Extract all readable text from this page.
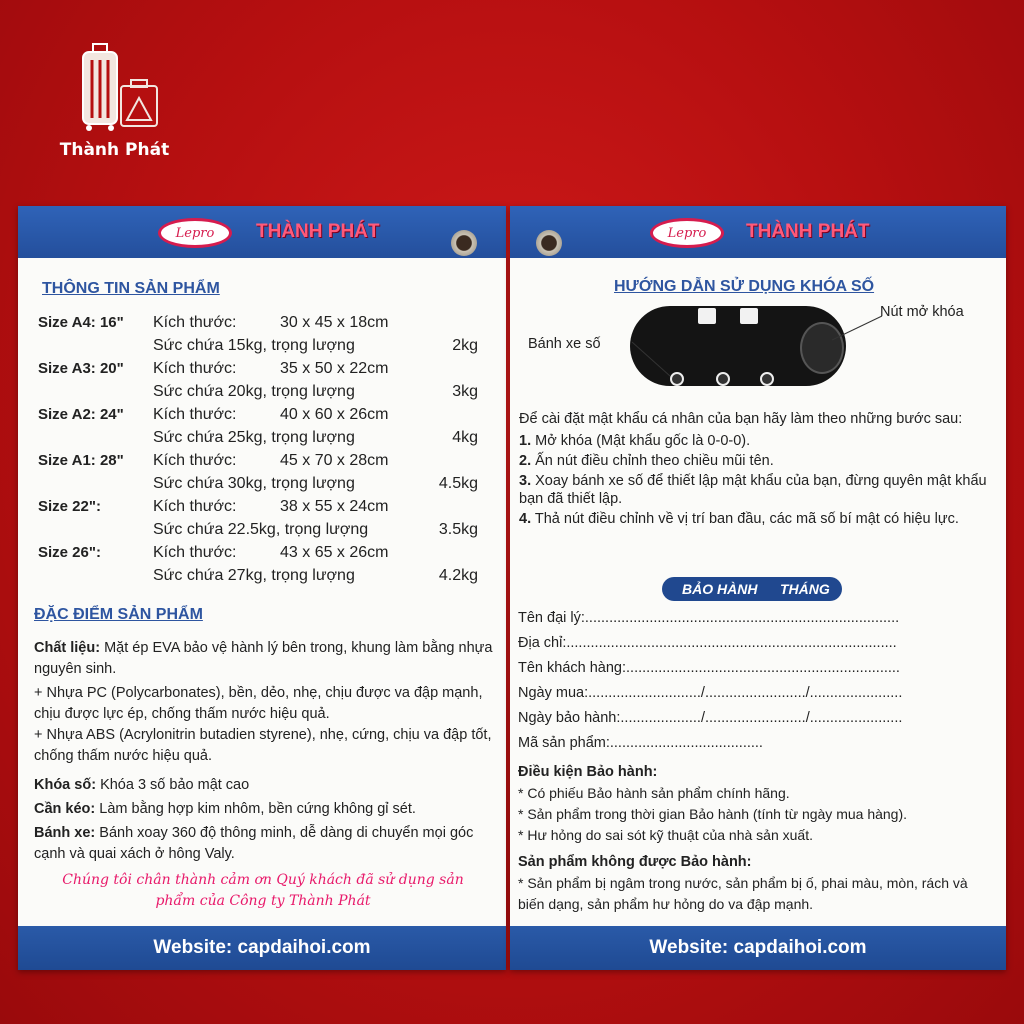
Thành Phát
Lepro	THÀNH PHÁT
THÔNG TIN SẢN PHẨM
Size A4: 16" Kích thước:	30 x 45 x 18cm
Sức chứa 15kg, trọng lượng	2kg
Size A3: 20" Kích thước:	35 x 50 x 22cm
Sức chứa 20kg, trọng lượng	3kg
Size A2: 24" Kích thước:	40 x 60 x 26cm
Sức chứa 25kg, trọng lượng	4kg
Size A1: 28" Kích thước:	45 x 70 x 28cm
Sức chứa 30kg, trọng lượng	4.5kg
Size 22":	Kích thước:	38 x 55 x 24cm
Sức chứa 22.5kg, trọng lượng	3.5kg
Size 26":	Kích thước:	43 x 65 x 26cm
Sức chứa 27kg, trọng lượng	4.2kg
ĐẶC ĐIỂM SẢN PHẨM

Chất liệu: Mặt ép EVA bảo vệ hành lý bên trong, khung làm bằng nhựa nguyên sinh.

+ Nhựa PC (Polycarbonates), bền, dẻo, nhẹ, chịu được va đập mạnh, chịu được lực ép, chống thấm nước hiệu quả.

+ Nhựa ABS (Acrylonitrin butadien styrene), nhẹ, cứng, chịu va đập tốt, chống thấm nước hiệu quả.

Khóa số: Khóa 3 số bảo mật cao

Cần kéo: Làm bằng hợp kim nhôm, bền cứng không gỉ sét.

Bánh xe: Bánh xoay 360 độ thông minh, dễ dàng di chuyển mọi góc cạnh và quai xách ở hông Valy.

Chúng tôi chân thành cảm ơn Quý khách đã sử dụng sản
phẩm của Công ty Thành Phát
Website: capdaihoi.com
Lepro	THÀNH PHÁT
HƯỚNG DẪN SỬ DỤNG KHÓA SỐ
Bánh xe số
Nút mở khóa

Để cài đặt mật khẩu cá nhân của bạn hãy làm theo những bước sau:

1. Mở khóa (Mật khẩu gốc là 0-0-0).

2. Ấn nút điều chỉnh theo chiều mũi tên.

3. Xoay bánh xe số để thiết lập mật khẩu của bạn, đừng quyên mật khẩu bạn đã thiết lập.

4. Thả nút điều chỉnh về vị trí ban đầu, các mã số bí mật có hiệu lực.

BẢO HÀNH THÁNG
Tên đại lý:..............................................................................
Địa chỉ:..................................................................................
Tên khách hàng:....................................................................
Ngày mua:............................/........................./.......................
Ngày bảo hành:..................../........................./.......................
Mã sản phẩm:......................................
Điều kiện Bảo hành:
* Có phiếu Bảo hành sản phẩm chính hãng.
* Sản phẩm trong thời gian Bảo hành (tính từ ngày mua hàng).
* Hư hỏng do sai sót kỹ thuật của nhà sản xuất.
Sản phẩm không được Bảo hành:
* Sản phẩm bị ngâm trong nước, sản phẩm bị ố, phai màu, mòn, rách và biến dạng, sản phẩm hư hỏng do va đập mạnh.
Website: capdaihoi.com
